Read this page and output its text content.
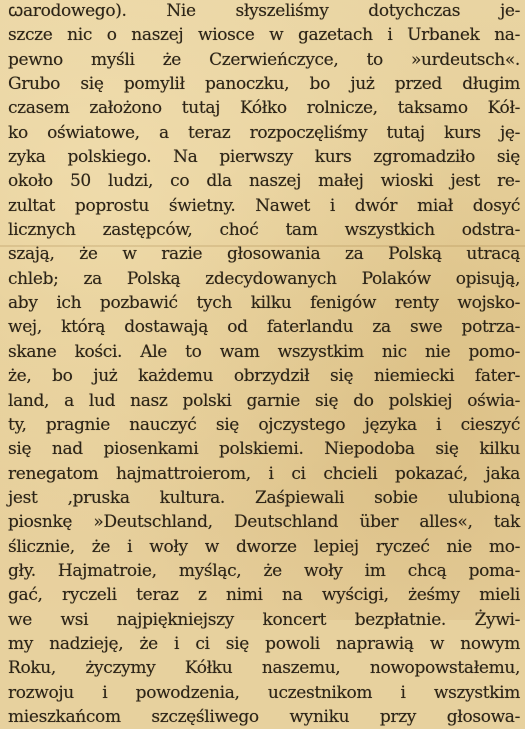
ꞷarodowego). Nie słyszeliśmy dotychczas je-
szcze nic o naszej wiosce w gazetach i Urbanek na-
pewno myśli że Czerwieńczyce, to »urdeutsch«.
Grubo się pomylił panoczku, bo już przed długim
czasem założono tutaj Kółko rolnicze, taksamo Kół-
ko oświatowe, a teraz rozpoczęliśmy tutaj kurs ję-
zyka polskiego. Na pierwszy kurs zgromadziło się
około 50 ludzi, co dla naszej małej wioski jest re-
zultat poprostu świetny. Nawet i dwór miał dosyć
licznych zastępców, choć tam wszystkich odstra-
szają, że w razie głosowania za Polską utracą
chleb; za Polską zdecydowanych Polaków opisują,
aby ich pozbawić tych kilku fenigów renty wojsko-
wej, którą dostawają od faterlandu za swe potrza-
skane kości. Ale to wam wszystkim nic nie pomo-
że, bo już każdemu obrzydził się niemiecki fater-
land, a lud nasz polski garnie się do polskiej oświa-
ty, pragnie nauczyć się ojczystego języka i cieszyć
się nad piosenkami polskiemi. Niepodoba się kilku
renegatom hajmattroierom, i ci chcieli pokazać, jaka
jest ‚pruska kultura. Zaśpiewali sobie ulubioną
piosnkę »Deutschland, Deutschland über alles«, tak
ślicznie, że i woły w dworze lepiej ryczeć nie mo-
gły. Hajmatroie, myśląc, że woły im chcą poma-
gać, ryczeli teraz z nimi na wyścigi, żeśmy mieli
we wsi najpiękniejszy koncert bezpłatnie. Żywi-
my nadzieję, że i ci się powoli naprawią w nowym
Roku, życzymy Kółku naszemu, nowopowstałemu,
rozwoju i powodzenia, uczestnikom i wszystkim
mieszkańcom szczęśliwego wyniku przy głosowa-
